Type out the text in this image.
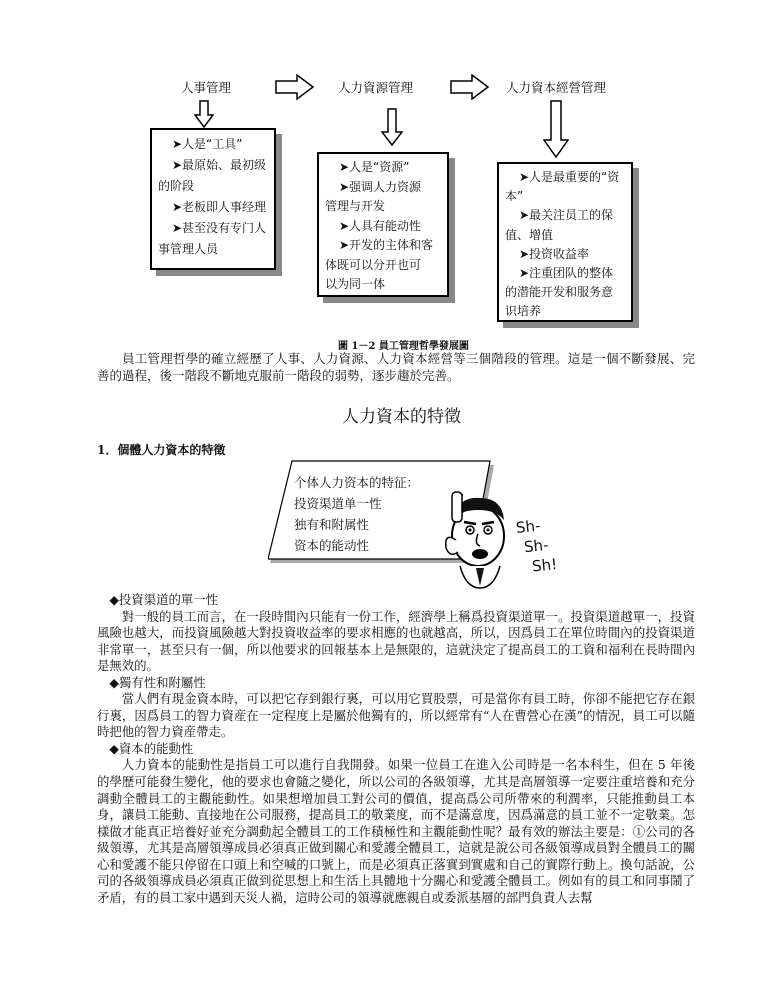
人事管理	人力資源管理	人力資本經營管理
➤人是“工具”
➤最原始、最初级
的阶段
➤老板即人事经理
➤甚至没有专门人
事管理人员
➤人是“资源”
➤强调人力资源
管理与开发
➤人具有能动性
➤开发的主体和客
体既可以分开也可
以为同一体
➤人是最重要的“资
本”
➤最关注员工的保
值、增值
➤投资收益率
➤注重团队的整体
的潜能开发和服务意
识培养
圖 1－2 員工管理哲學發展圖

員工管理哲學的確立經歷了人事、人力資源、人力資本經營等三個階段的管理。這是一個不斷發展、完善的過程，後一階段不斷地克服前一階段的弱勢，逐步趨於完善。

人力資本的特徵
1．個體人力資本的特徵
个体人力资本的特征：
投资渠道单一性
独有和附属性
资本的能动性
Sh-
Sh-
Sh!

◆投資渠道的單一性

對一般的員工而言，在一段時間內只能有一份工作，經濟學上稱爲投資渠道單一。投資渠道越單一，投資風險也越大，而投資風險越大對投資收益率的要求相應的也就越高，所以，因爲員工在單位時間內的投資渠道非常單一，甚至只有一個，所以他要求的回報基本上是無限的，這就決定了提高員工的工資和福利在長時間內是無效的。

◆獨有性和附屬性

當人們有現金資本時，可以把它存到銀行裏，可以用它買股票，可是當你有員工時，你卻不能把它存在銀行裏，因爲員工的智力資産在一定程度上是屬於他獨有的，所以經常有“人在曹營心在漢”的情況，員工可以隨時把他的智力資産帶走。

◆資本的能動性

人力資本的能動性是指員工可以進行自我開發。如果一位員工在進入公司時是一名本科生，但在 5 年後的學歷可能發生變化，他的要求也會隨之變化，所以公司的各級領導，尤其是高層領導一定要注重培養和充分調動全體員工的主觀能動性。如果想增加員工對公司的價值，提高爲公司所帶來的利潤率，只能推動員工本身，讓員工能動、直接地在公司服務，提高員工的敬業度，而不是滿意度，因爲滿意的員工並不一定敬業。怎樣做才能真正培養好並充分調動起全體員工的工作積極性和主觀能動性呢？最有效的辦法主要是：①公司的各級領導，尤其是高層領導成員必須真正做到關心和愛護全體員工，這就是說公司各級領導成員對全體員工的關心和愛護不能只停留在口頭上和空喊的口號上，而是必須真正落實到實處和自己的實際行動上。換句話說，公司的各級領導成員必須真正做到從思想上和生活上具體地十分關心和愛護全體員工。例如有的員工和同事鬧了矛盾，有的員工家中遇到天災人禍，這時公司的領導就應親自或委派基層的部門負責人去幫
